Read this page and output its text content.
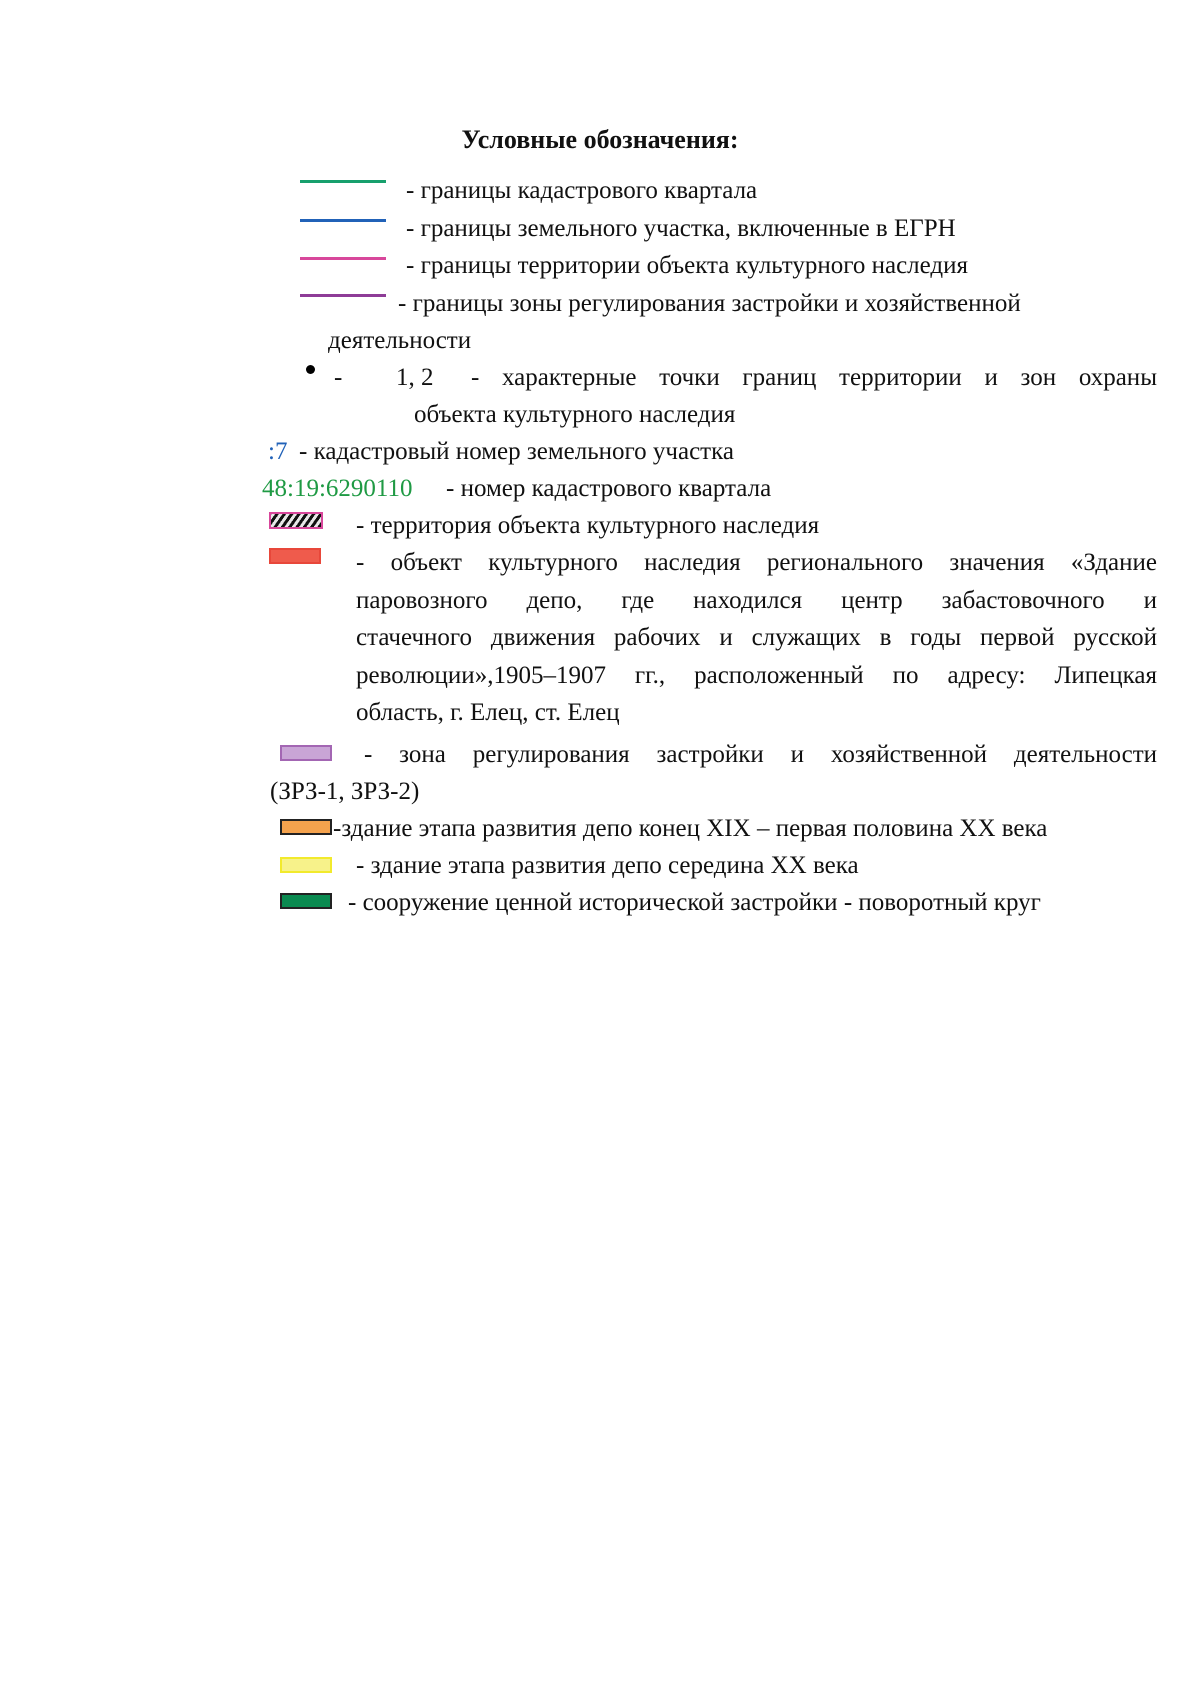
Условные обозначения:
- границы кадастрового квартала
- границы земельного участка, включенные в ЕГРН
- границы территории объекта культурного наследия
- границы зоны регулирования застройки и хозяйственной
деятельности
- 1, 2 - характерные точки границ территории и зон охраны
объекта культурного наследия
:7 - кадастровый номер земельного участка
48:19:6290110 - номер кадастрового квартала
- территория объекта культурного наследия
- объект культурного наследия регионального значения «Здание
паровозного депо, где находился центр забастовочного и
стачечного движения рабочих и служащих в годы первой русской
революции»,1905–1907 гг., расположенный по адресу: Липецкая
область, г. Елец, ст. Елец
- зона регулирования застройки и хозяйственной деятельности
(ЗРЗ-1, ЗРЗ-2)
-здание этапа развития депо конец XIX – первая половина XX века
- здание этапа развития депо середина XX века
- сооружение ценной исторической застройки - поворотный круг
